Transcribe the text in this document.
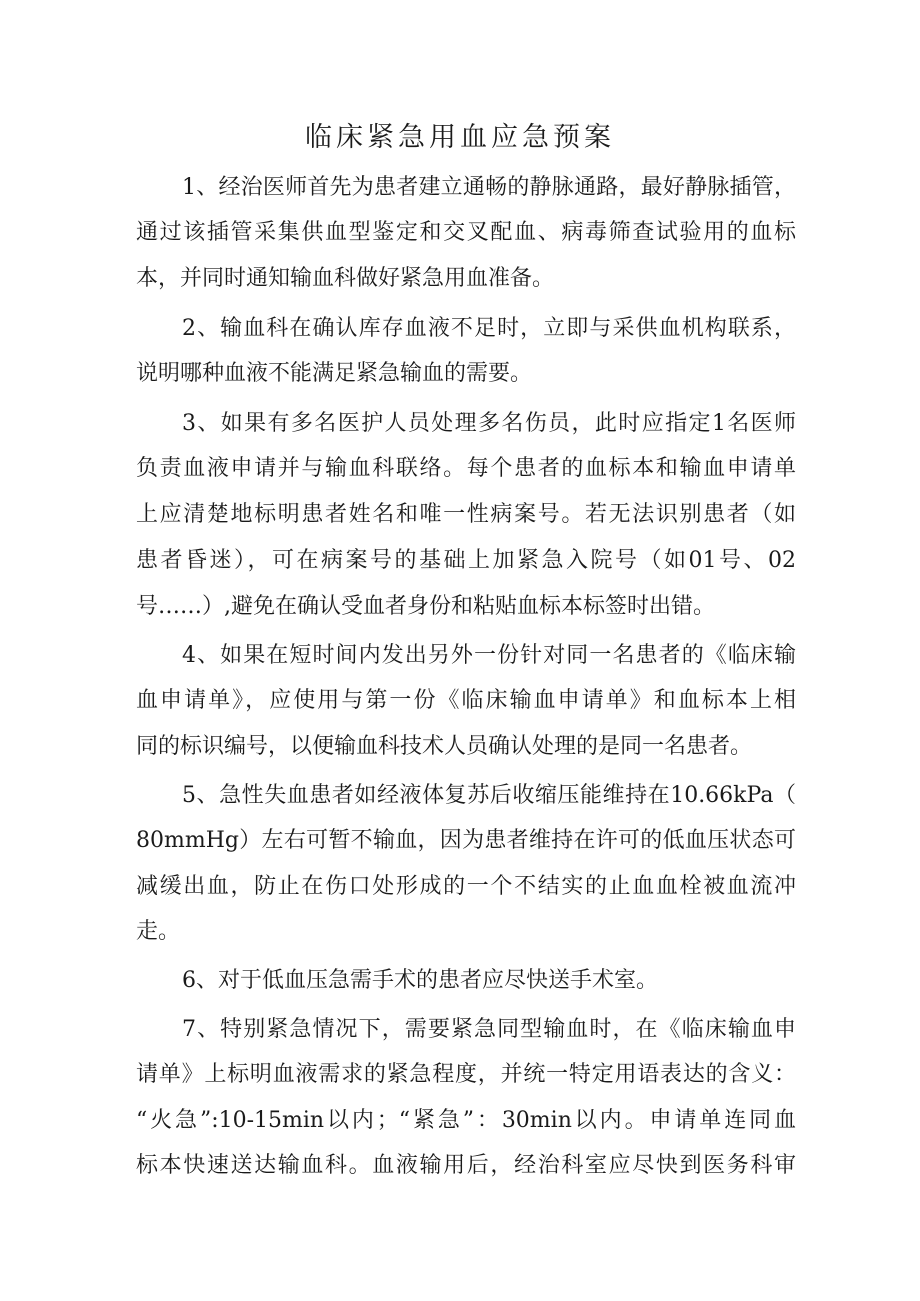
临床紧急用血应急预案
1、经治医师首先为患者建立通畅的静脉通路，最好静脉插管，
通过该插管采集供血型鉴定和交叉配血、病毒筛查试验用的血标
本，并同时通知输血科做好紧急用血准备。
2、输血科在确认库存血液不足时，立即与采供血机构联系，
说明哪种血液不能满足紧急输血的需要。
3、如果有多名医护人员处理多名伤员，此时应指定1名医师
负责血液申请并与输血科联络。每个患者的血标本和输血申请单
上应清楚地标明患者姓名和唯一性病案号。若无法识别患者（如
患者昏迷），可在病案号的基础上加紧急入院号（如01号、02
号……）,避免在确认受血者身份和粘贴血标本标签时出错。
4、如果在短时间内发出另外一份针对同一名患者的《临床输
血申请单》，应使用与第一份《临床输血申请单》和血标本上相
同的标识编号，以便输血科技术人员确认处理的是同一名患者。
5、急性失血患者如经液体复苏后收缩压能维持在10.66kPa（
80mmHg）左右可暂不输血，因为患者维持在许可的低血压状态可
减缓出血，防止在伤口处形成的一个不结实的止血血栓被血流冲
走。
6、对于低血压急需手术的患者应尽快送手术室。
7、特别紧急情况下，需要紧急同型输血时，在《临床输血申
请单》上标明血液需求的紧急程度，并统一特定用语表达的含义：
“火急”:10-15min以内；“紧急”：30min以内。申请单连同血
标本快速送达输血科。血液输用后，经治科室应尽快到医务科审
